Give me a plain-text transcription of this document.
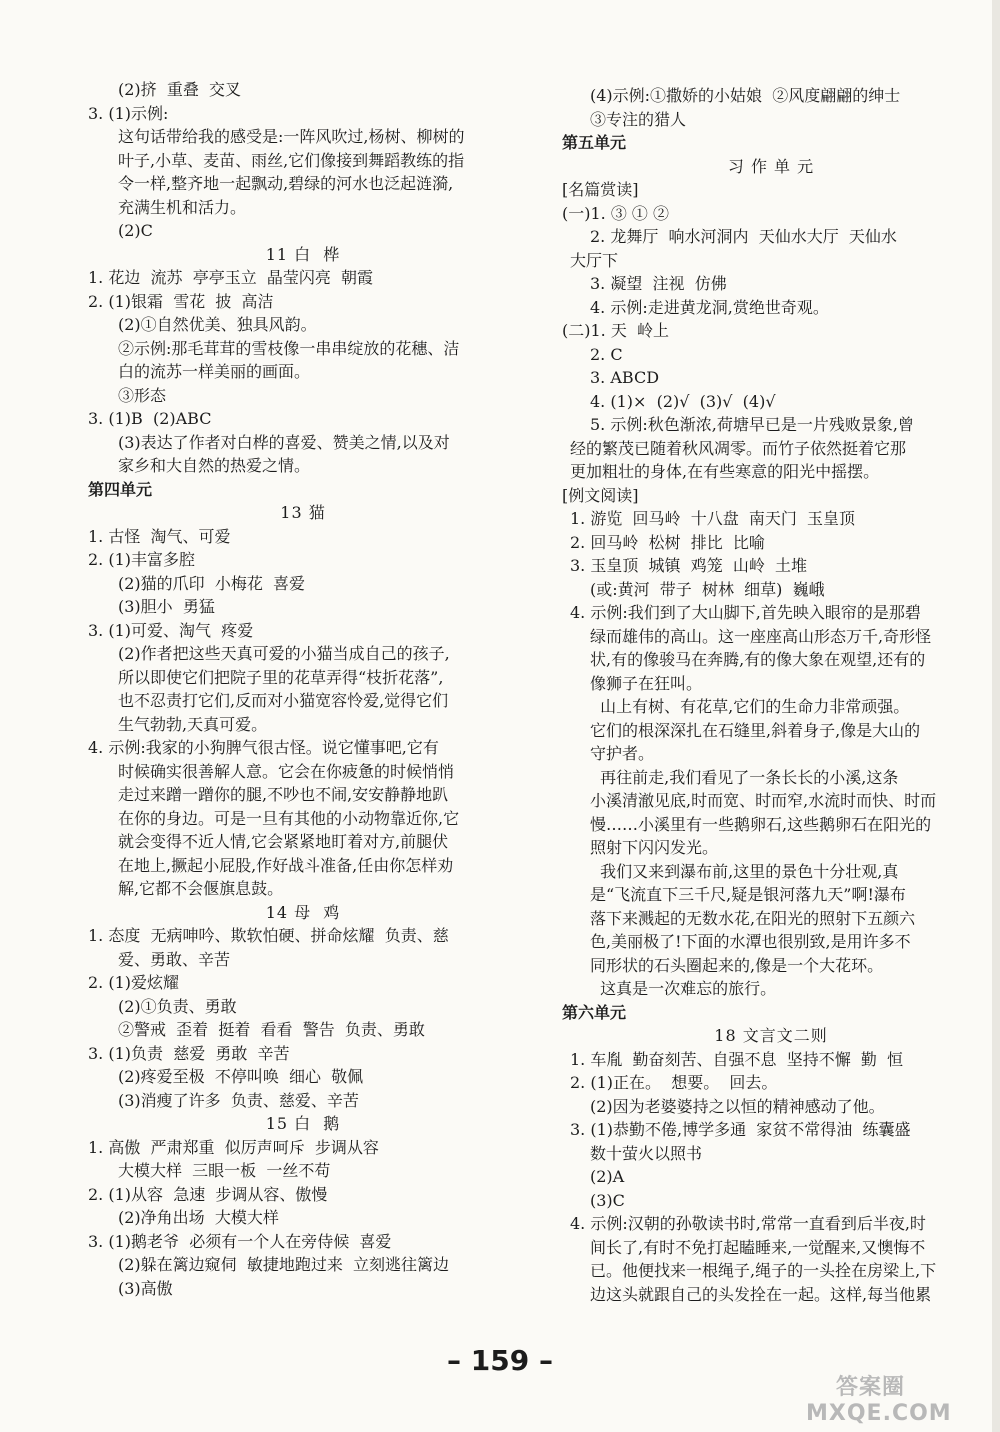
(2)挤  重叠  交叉
3. (1)示例:
这句话带给我的感受是:一阵风吹过,杨树、柳树的
叶子,小草、麦苗、雨丝,它们像接到舞蹈教练的指
令一样,整齐地一起飘动,碧绿的河水也泛起涟漪,
充满生机和活力。
(2)C
11 白  桦
1. 花边  流苏  亭亭玉立  晶莹闪亮  朝霞
2. (1)银霜  雪花  披  高洁
(2)①自然优美、独具风韵。
②示例:那毛茸茸的雪枝像一串串绽放的花穗、洁
白的流苏一样美丽的画面。
③形态
3. (1)B  (2)ABC
(3)表达了作者对白桦的喜爱、赞美之情,以及对
家乡和大自然的热爱之情。
第四单元
13 猫
1. 古怪  淘气、可爱
2. (1)丰富多腔
(2)猫的爪印  小梅花  喜爱
(3)胆小  勇猛
3. (1)可爱、淘气  疼爱
(2)作者把这些天真可爱的小猫当成自己的孩子,
所以即使它们把院子里的花草弄得“枝折花落”,
也不忍责打它们,反而对小猫宽容怜爱,觉得它们
生气勃勃,天真可爱。
4. 示例:我家的小狗脾气很古怪。说它懂事吧,它有
时候确实很善解人意。它会在你疲惫的时候悄悄
走过来蹭一蹭你的腿,不吵也不闹,安安静静地趴
在你的身边。可是一旦有其他的小动物靠近你,它
就会变得不近人情,它会紧紧地盯着对方,前腿伏
在地上,撅起小屁股,作好战斗准备,任由你怎样劝
解,它都不会偃旗息鼓。
14 母  鸡
1. 态度  无病呻吟、欺软怕硬、拼命炫耀  负责、慈
爱、勇敢、辛苦
2. (1)爱炫耀
(2)①负责、勇敢
②警戒  歪着  挺着  看看  警告  负责、勇敢
3. (1)负责  慈爱  勇敢  辛苦
(2)疼爱至极  不停叫唤  细心  敬佩
(3)消瘦了许多  负责、慈爱、辛苦
15 白  鹅
1. 高傲  严肃郑重  似厉声呵斥  步调从容
大模大样  三眼一板  一丝不苟
2. (1)从容  急速  步调从容、傲慢
(2)净角出场  大模大样
3. (1)鹅老爷  必须有一个人在旁侍候  喜爱
(2)躲在篱边窥伺  敏捷地跑过来  立刻逃往篱边
(3)高傲
(4)示例:①撒娇的小姑娘  ②风度翩翩的绅士
③专注的猎人
第五单元
习 作 单 元
[名篇赏读]
(一)1. ③ ① ②
2. 龙舞厅  响水河洞内  天仙水大厅  天仙水
大厅下
3. 凝望  注视  仿佛
4. 示例:走进黄龙洞,赏绝世奇观。
(二)1. 天  岭上
2. C
3. ABCD
4. (1)×  (2)√  (3)√  (4)√
5. 示例:秋色渐浓,荷塘早已是一片残败景象,曾
经的繁茂已随着秋风凋零。而竹子依然挺着它那
更加粗壮的身体,在有些寒意的阳光中摇摆。
[例文阅读]
1. 游览  回马岭  十八盘  南天门  玉皇顶
2. 回马岭  松树  排比  比喻
3. 玉皇顶  城镇  鸡笼  山岭  土堆
(或:黄河  带子  树林  细草)  巍峨
4. 示例:我们到了大山脚下,首先映入眼帘的是那碧
绿而雄伟的高山。这一座座高山形态万千,奇形怪
状,有的像骏马在奔腾,有的像大象在观望,还有的
像狮子在狂叫。
山上有树、有花草,它们的生命力非常顽强。
它们的根深深扎在石缝里,斜着身子,像是大山的
守护者。
再往前走,我们看见了一条长长的小溪,这条
小溪清澈见底,时而宽、时而窄,水流时而快、时而
慢……小溪里有一些鹅卵石,这些鹅卵石在阳光的
照射下闪闪发光。
我们又来到瀑布前,这里的景色十分壮观,真
是“飞流直下三千尺,疑是银河落九天”啊!瀑布
落下来溅起的无数水花,在阳光的照射下五颜六
色,美丽极了!下面的水潭也很别致,是用许多不
同形状的石头圈起来的,像是一个大花环。
这真是一次难忘的旅行。
第六单元
18 文言文二则
1. 车胤  勤奋刻苦、自强不息  坚持不懈  勤  恒
2. (1)正在。  想要。  回去。
(2)因为老婆婆持之以恒的精神感动了他。
3. (1)恭勤不倦,博学多通  家贫不常得油  练囊盛
数十萤火以照书
(2)A
(3)C
4. 示例:汉朝的孙敬读书时,常常一直看到后半夜,时
间长了,有时不免打起瞌睡来,一觉醒来,又懊悔不
已。他便找来一根绳子,绳子的一头拴在房梁上,下
边这头就跟自己的头发拴在一起。这样,每当他累
– 159 –
答案圈
MXQE.COM
